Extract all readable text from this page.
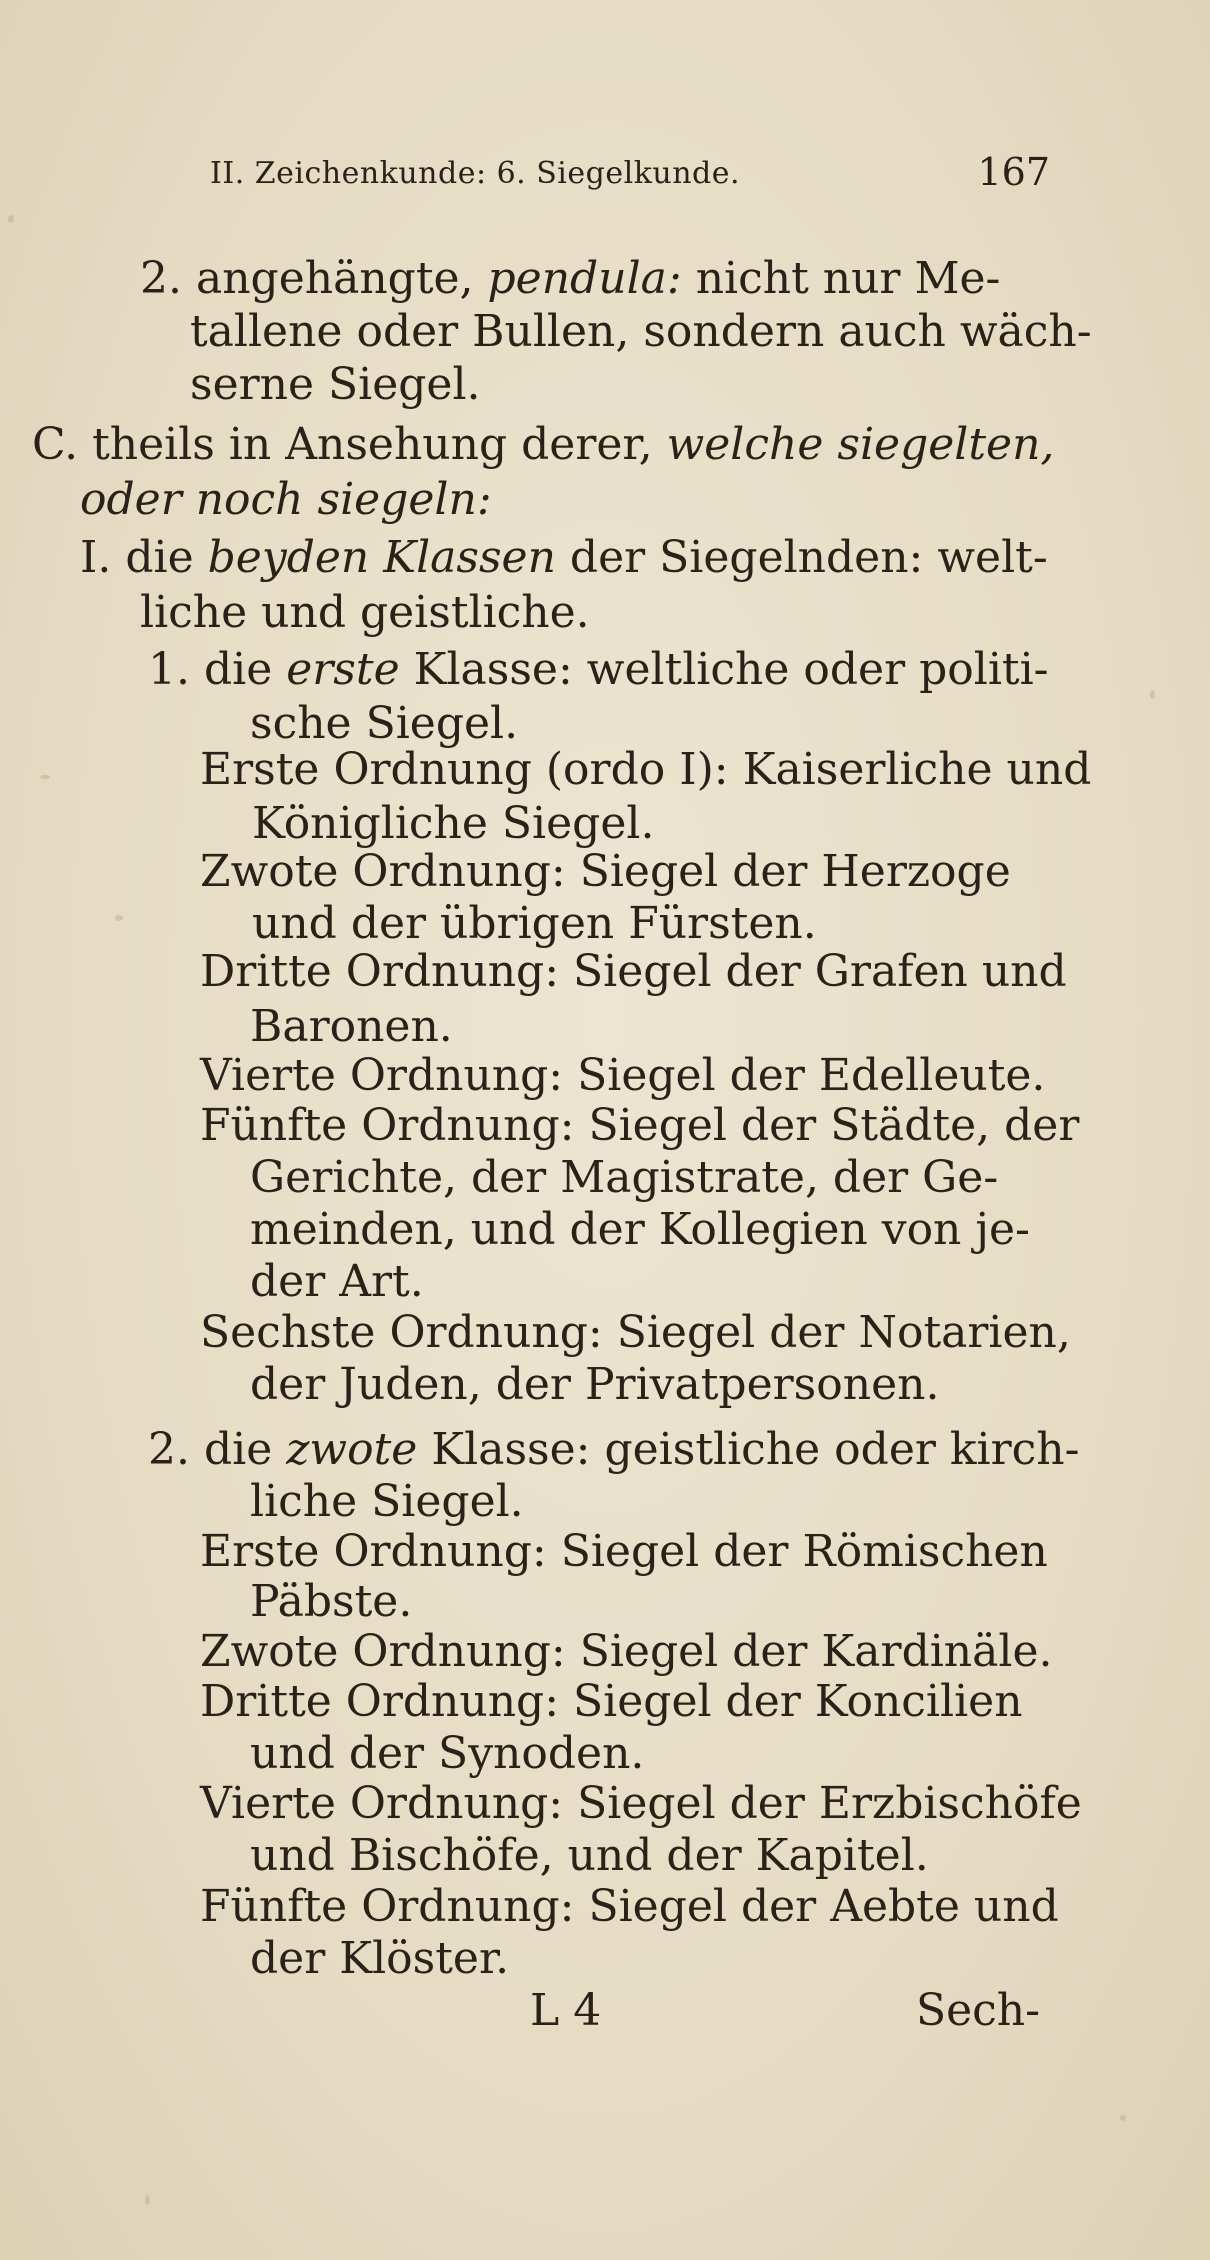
II. Zeichenkunde: 6. Siegelkunde.	167
2. angehängte, pendula: nicht nur Me-
tallene oder Bullen, sondern auch wäch-
serne Siegel.
C. theils in Ansehung derer, welche siegelten,
oder noch siegeln:
I. die beyden Klassen der Siegelnden: welt-
liche und geistliche.
1. die erste Klasse: weltliche oder politi-
sche Siegel.
Erste Ordnung (ordo I): Kaiserliche und
Königliche Siegel.
Zwote Ordnung: Siegel der Herzoge
und der übrigen Fürsten.
Dritte Ordnung: Siegel der Grafen und
Baronen.
Vierte Ordnung: Siegel der Edelleute.
Fünfte Ordnung: Siegel der Städte, der
Gerichte, der Magistrate, der Ge-
meinden, und der Kollegien von je-
der Art.
Sechste Ordnung: Siegel der Notarien,
der Juden, der Privatpersonen.
2. die zwote Klasse: geistliche oder kirch-
liche Siegel.
Erste Ordnung: Siegel der Römischen
Päbste.
Zwote Ordnung: Siegel der Kardinäle.
Dritte Ordnung: Siegel der Koncilien
und der Synoden.
Vierte Ordnung: Siegel der Erzbischöfe
und Bischöfe, und der Kapitel.
Fünfte Ordnung: Siegel der Aebte und
der Klöster.
L 4	Sech-
